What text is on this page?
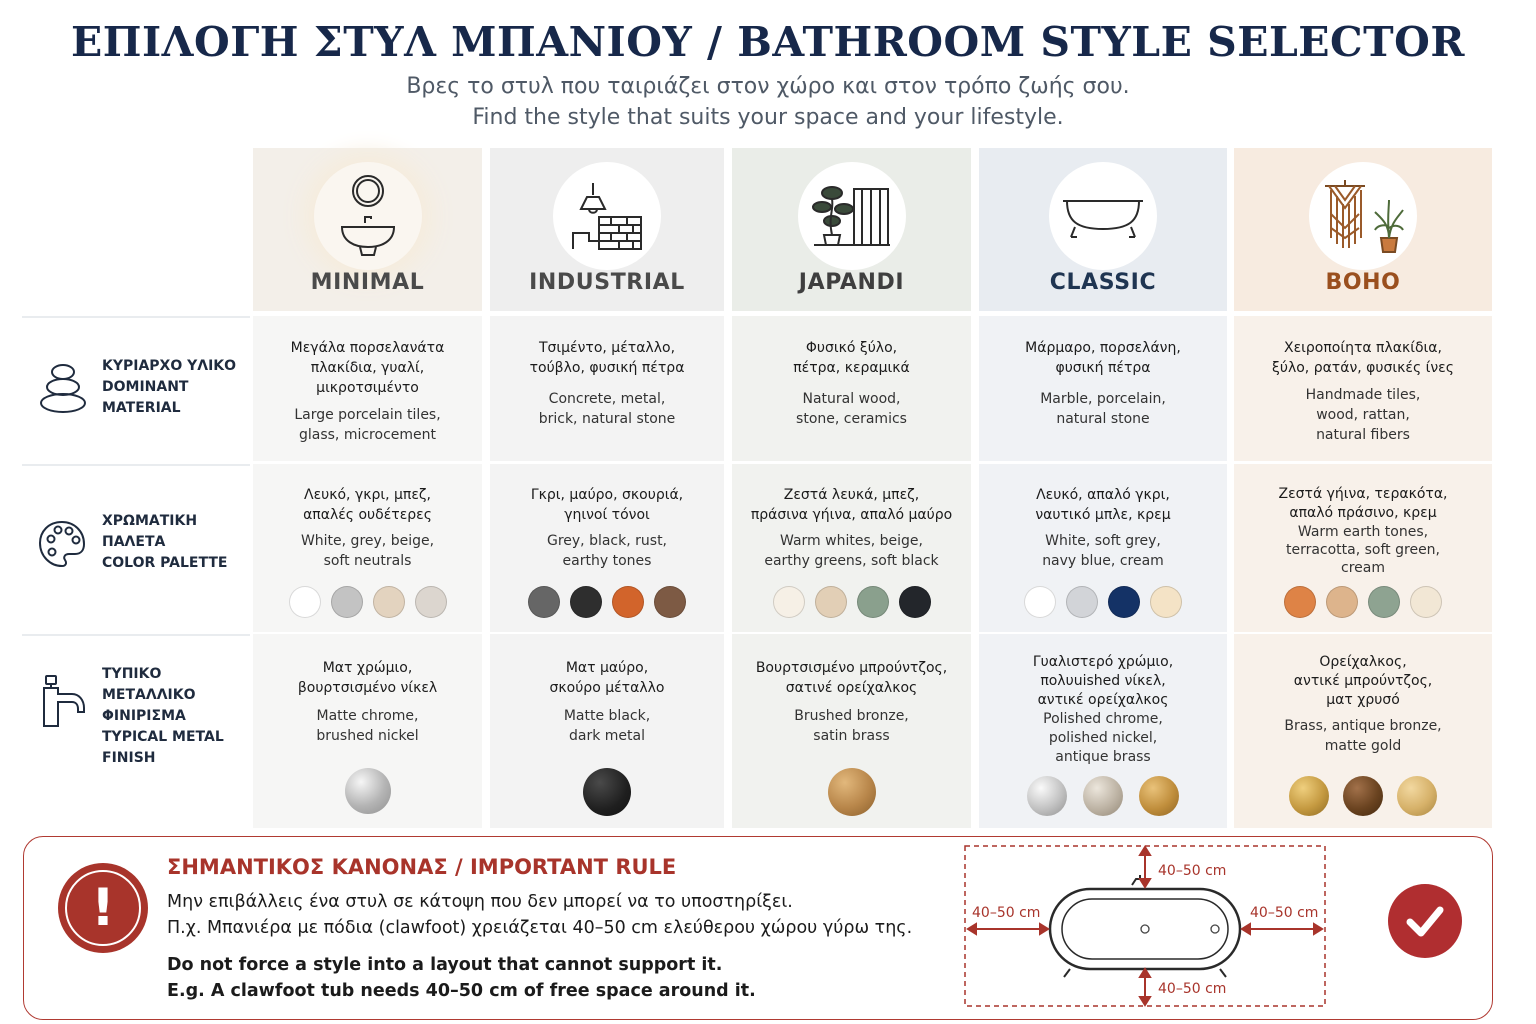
ΕΠΙΛΟΓΗ ΣΤΥΛ ΜΠΑΝΙΟΥ / BATHROOM STYLE SELECTOR
Βρες το στυλ που ταιριάζει στον χώρο και στον τρόπο ζωής σου.
Find the style that suits your space and your lifestyle.
ΚΥΡΙΑΡΧΟ ΥΛΙΚΟ
DOMINANT
MATERIAL
ΧΡΩΜΑΤΙΚΗ
ΠΑΛΕΤΑ
COLOR PALETTE
ΤΥΠΙΚΟ ΜΕΤΑΛΛΙΚΟ
ΦΙΝΙΡΙΣΜΑ
TYPICAL METAL
FINISH
MINIMAL
Μεγάλα πορσελανάτα
πλακίδια, γυαλί,
μικροτσιμέντο
Large porcelain tiles,
glass, microcement
Λευκό, γκρι, μπεζ,
απαλές ουδέτερες
White, grey, beige,
soft neutrals
Ματ χρώμιο,
βουρτσισμένο νίκελ
Matte chrome,
brushed nickel
INDUSTRIAL
Τσιμέντο, μέταλλο,
τούβλο, φυσική πέτρα
Concrete, metal,
brick, natural stone
Γκρι, μαύρο, σκουριά,
γηινοί τόνοι
Grey, black, rust,
earthy tones
Ματ μαύρο,
σκούρο μέταλλο
Matte black,
dark metal
JAPANDI
Φυσικό ξύλο,
πέτρα, κεραμικά
Natural wood,
stone, ceramics
Ζεστά λευκά, μπεζ,
πράσινα γήινα, απαλό μαύρο
Warm whites, beige,
earthy greens, soft black
Βουρτσισμένο μπρούντζος,
σατινέ ορείχαλκος
Brushed bronze,
satin brass
CLASSIC
Μάρμαρο, πορσελάνη,
φυσική πέτρα
Marble, porcelain,
natural stone
Λευκό, απαλό γκρι,
ναυτικό μπλε, κρεμ
White, soft grey,
navy blue, cream
Γυαλιστερό χρώμιο,
πολυuished νίκελ,
αντικέ ορείχαλκος
Polished chrome,
polished nickel,
antique brass
BOHO
Χειροποίητα πλακίδια,
ξύλο, ρατάν, φυσικές ίνες
Handmade tiles,
wood, rattan,
natural fibers
Ζεστά γήινα, τερακότα,
απαλό πράσινο, κρεμ
Warm earth tones,
terracotta, soft green,
cream
Ορείχαλκος,
αντικέ μπρούντζος,
ματ χρυσό
Brass, antique bronze,
matte gold
!
ΣΗΜΑΝΤΙΚΟΣ ΚΑΝΟΝΑΣ / IMPORTANT RULE
Μην επιβάλλεις ένα στυλ σε κάτοψη που δεν μπορεί να το υποστηρίξει.
Π.χ. Μπανιέρα με πόδια (clawfoot) χρειάζεται 40–50 cm ελεύθερου χώρου γύρω της.
Do not force a style into a layout that cannot support it.
E.g. A clawfoot tub needs 40–50 cm of free space around it.
40–50 cm
40–50 cm	40–50 cm
40–50 cm
